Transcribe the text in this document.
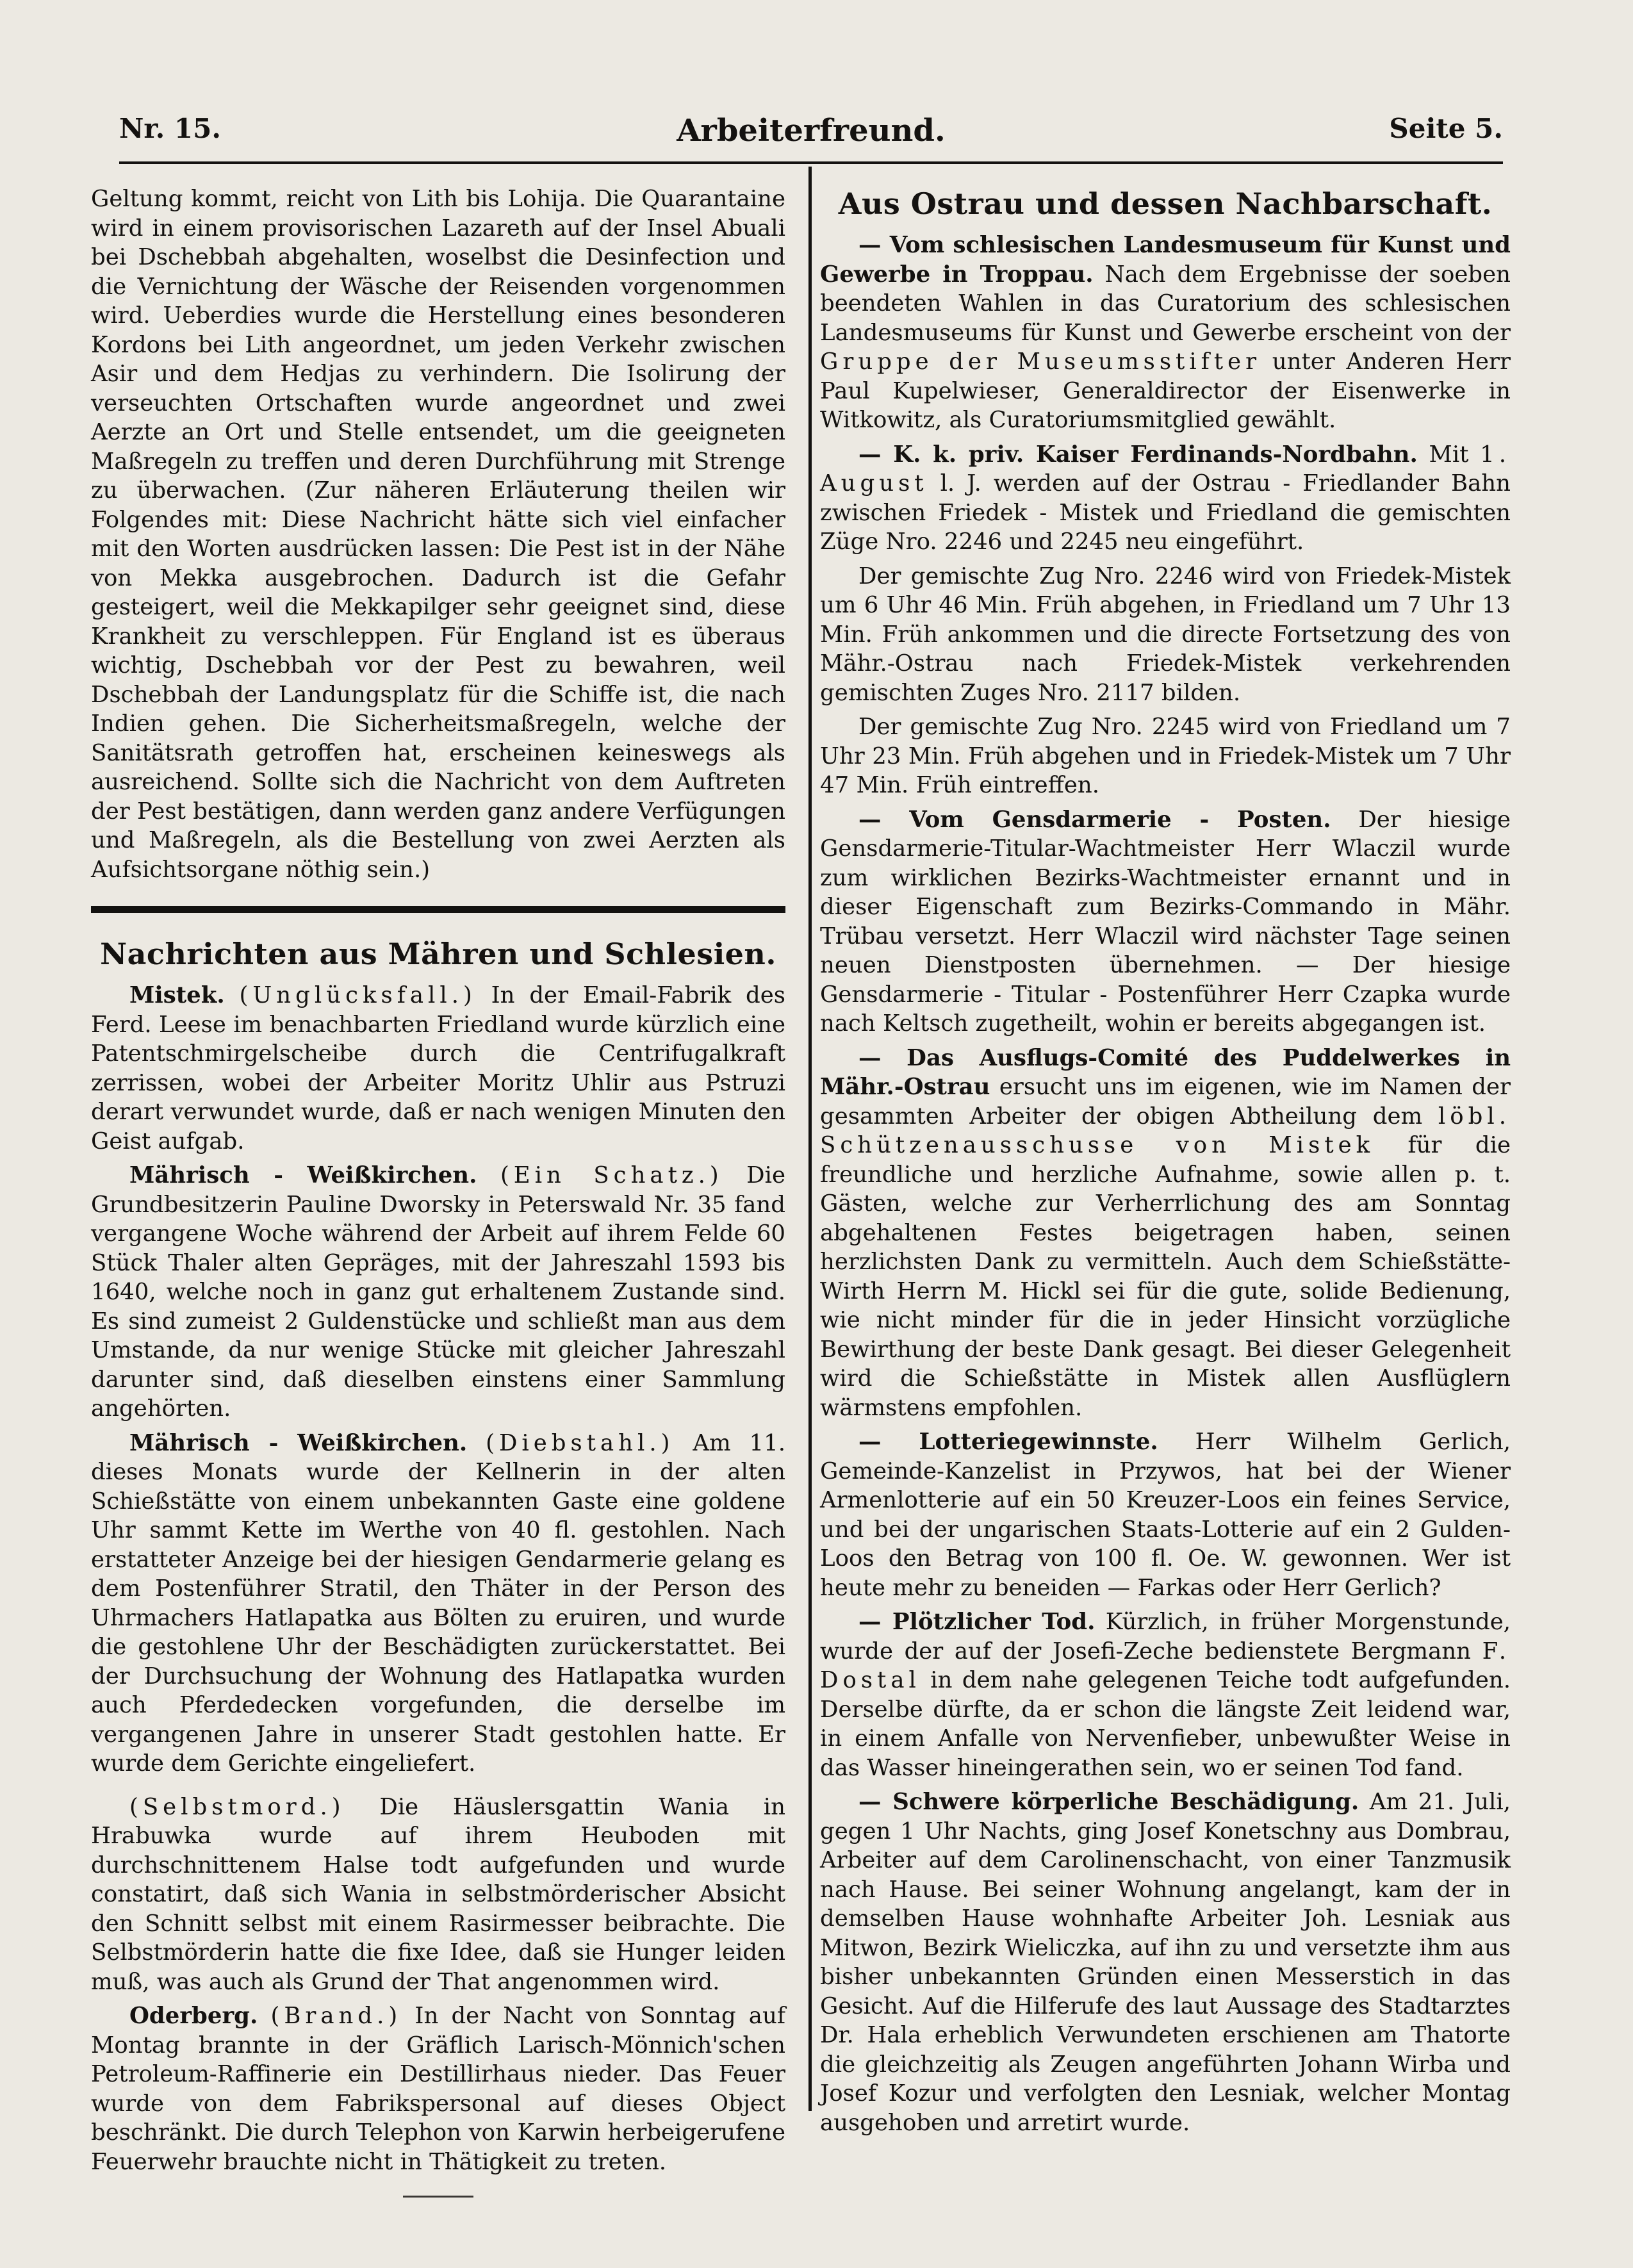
Nr. 15.	Arbeiterfreund.	Seite 5.

Geltung kommt, reicht von Lith bis Lohija. Die Quarantaine wird in einem provisorischen Lazareth auf der Insel Abuali bei Dschebbah abgehalten, woselbst die Desinfection und die Vernichtung der Wäsche der Reisenden vorgenommen wird. Ueberdies wurde die Herstellung eines besonderen Kordons bei Lith angeordnet, um jeden Verkehr zwischen Asir und dem Hedjas zu verhindern. Die Isolirung der verseuchten Ortschaften wurde angeordnet und zwei Aerzte an Ort und Stelle entsendet, um die geeigneten Maßregeln zu treffen und deren Durchführung mit Strenge zu überwachen. (Zur näheren Erläuterung theilen wir Folgendes mit: Diese Nachricht hätte sich viel einfacher mit den Worten ausdrücken lassen: Die Pest ist in der Nähe von Mekka ausgebrochen. Dadurch ist die Gefahr gesteigert, weil die Mekkapilger sehr geeignet sind, diese Krankheit zu verschleppen. Für England ist es überaus wichtig, Dschebbah vor der Pest zu bewahren, weil Dschebbah der Landungsplatz für die Schiffe ist, die nach Indien gehen. Die Sicherheitsmaßregeln, welche der Sanitätsrath getroffen hat, erscheinen keineswegs als ausreichend. Sollte sich die Nachricht von dem Auftreten der Pest bestätigen, dann werden ganz andere Verfügungen und Maßregeln, als die Bestellung von zwei Aerzten als Aufsichtsorgane nöthig sein.)

Nachrichten aus Mähren und Schlesien.

Mistek. (Unglücksfall.) In der Email-Fabrik des Ferd. Leese im benachbarten Friedland wurde kürzlich eine Patentschmirgelscheibe durch die Centrifugalkraft zerrissen, wobei der Arbeiter Moritz Uhlir aus Pstruzi derart verwundet wurde, daß er nach wenigen Minuten den Geist aufgab.

Mährisch - Weißkirchen. (Ein Schatz.) Die Grundbesitzerin Pauline Dworsky in Peterswald Nr. 35 fand vergangene Woche während der Arbeit auf ihrem Felde 60 Stück Thaler alten Gepräges, mit der Jahreszahl 1593 bis 1640, welche noch in ganz gut erhaltenem Zustande sind. Es sind zumeist 2 Guldenstücke und schließt man aus dem Umstande, da nur wenige Stücke mit gleicher Jahreszahl darunter sind, daß dieselben einstens einer Sammlung angehörten.

Mährisch - Weißkirchen. (Diebstahl.) Am 11. dieses Monats wurde der Kellnerin in der alten Schießstätte von einem unbekannten Gaste eine goldene Uhr sammt Kette im Werthe von 40 fl. gestohlen. Nach erstatteter Anzeige bei der hiesigen Gendarmerie gelang es dem Postenführer Stratil, den Thäter in der Person des Uhrmachers Hatlapatka aus Bölten zu eruiren, und wurde die gestohlene Uhr der Beschädigten zurückerstattet. Bei der Durchsuchung der Wohnung des Hatlapatka wurden auch Pferdedecken vorgefunden, die derselbe im vergangenen Jahre in unserer Stadt gestohlen hatte. Er wurde dem Gerichte eingeliefert.

(Selbstmord.) Die Häuslersgattin Wania in Hrabuwka wurde auf ihrem Heuboden mit durchschnittenem Halse todt aufgefunden und wurde constatirt, daß sich Wania in selbstmörderischer Absicht den Schnitt selbst mit einem Rasirmesser beibrachte. Die Selbstmörderin hatte die fixe Idee, daß sie Hunger leiden muß, was auch als Grund der That angenommen wird.

Oderberg. (Brand.) In der Nacht von Sonntag auf Montag brannte in der Gräflich Larisch-Mönnich'schen Petroleum-Raffinerie ein Destillirhaus nieder. Das Feuer wurde von dem Fabrikspersonal auf dieses Object beschränkt. Die durch Telephon von Karwin herbeigerufene Feuerwehr brauchte nicht in Thätigkeit zu treten.

Aus Ostrau und dessen Nachbarschaft.

— Vom schlesischen Landesmuseum für Kunst und Gewerbe in Troppau. Nach dem Ergebnisse der soeben beendeten Wahlen in das Curatorium des schlesischen Landesmuseums für Kunst und Gewerbe erscheint von der Gruppe der Museumsstifter unter Anderen Herr Paul Kupelwieser, Generaldirector der Eisenwerke in Witkowitz, als Curatoriumsmitglied gewählt.

— K. k. priv. Kaiser Ferdinands-Nordbahn. Mit 1. August l. J. werden auf der Ostrau - Friedlander Bahn zwischen Friedek - Mistek und Friedland die gemischten Züge Nro. 2246 und 2245 neu eingeführt.

Der gemischte Zug Nro. 2246 wird von Friedek-Mistek um 6 Uhr 46 Min. Früh abgehen, in Friedland um 7 Uhr 13 Min. Früh ankommen und die directe Fortsetzung des von Mähr.-Ostrau nach Friedek-Mistek verkehrenden gemischten Zuges Nro. 2117 bilden.

Der gemischte Zug Nro. 2245 wird von Friedland um 7 Uhr 23 Min. Früh abgehen und in Friedek-Mistek um 7 Uhr 47 Min. Früh eintreffen.

— Vom Gensdarmerie - Posten. Der hiesige Gensdarmerie-Titular-Wachtmeister Herr Wlaczil wurde zum wirklichen Bezirks-Wachtmeister ernannt und in dieser Eigenschaft zum Bezirks-Commando in Mähr. Trübau versetzt. Herr Wlaczil wird nächster Tage seinen neuen Dienstposten übernehmen. — Der hiesige Gensdarmerie - Titular - Postenführer Herr Czapka wurde nach Keltsch zugetheilt, wohin er bereits abgegangen ist.

— Das Ausflugs-Comité des Puddelwerkes in Mähr.-Ostrau ersucht uns im eigenen, wie im Namen der gesammten Arbeiter der obigen Abtheilung dem löbl. Schützenausschusse von Mistek für die freundliche und herzliche Aufnahme, sowie allen p. t. Gästen, welche zur Verherrlichung des am Sonntag abgehaltenen Festes beigetragen haben, seinen herzlichsten Dank zu vermitteln. Auch dem Schießstätte-Wirth Herrn M. Hickl sei für die gute, solide Bedienung, wie nicht minder für die in jeder Hinsicht vorzügliche Bewirthung der beste Dank gesagt. Bei dieser Gelegenheit wird die Schießstätte in Mistek allen Ausflüglern wärmstens empfohlen.

— Lotteriegewinnste. Herr Wilhelm Gerlich, Gemeinde-Kanzelist in Przywos, hat bei der Wiener Armenlotterie auf ein 50 Kreuzer-Loos ein feines Service, und bei der ungarischen Staats-Lotterie auf ein 2 Gulden-Loos den Betrag von 100 fl. Oe. W. gewonnen. Wer ist heute mehr zu beneiden — Farkas oder Herr Gerlich?

— Plötzlicher Tod. Kürzlich, in früher Morgenstunde, wurde der auf der Josefi-Zeche bedienstete Bergmann F. Dostal in dem nahe gelegenen Teiche todt aufgefunden. Derselbe dürfte, da er schon die längste Zeit leidend war, in einem Anfalle von Nervenfieber, unbewußter Weise in das Wasser hineingerathen sein, wo er seinen Tod fand.

— Schwere körperliche Beschädigung. Am 21. Juli, gegen 1 Uhr Nachts, ging Josef Konetschny aus Dombrau, Arbeiter auf dem Carolinenschacht, von einer Tanzmusik nach Hause. Bei seiner Wohnung angelangt, kam der in demselben Hause wohnhafte Arbeiter Joh. Lesniak aus Mitwon, Bezirk Wieliczka, auf ihn zu und versetzte ihm aus bisher unbekannten Gründen einen Messerstich in das Gesicht. Auf die Hilferufe des laut Aussage des Stadtarztes Dr. Hala erheblich Verwundeten erschienen am Thatorte die gleichzeitig als Zeugen angeführten Johann Wirba und Josef Kozur und verfolgten den Lesniak, welcher Montag ausgehoben und arretirt wurde.
